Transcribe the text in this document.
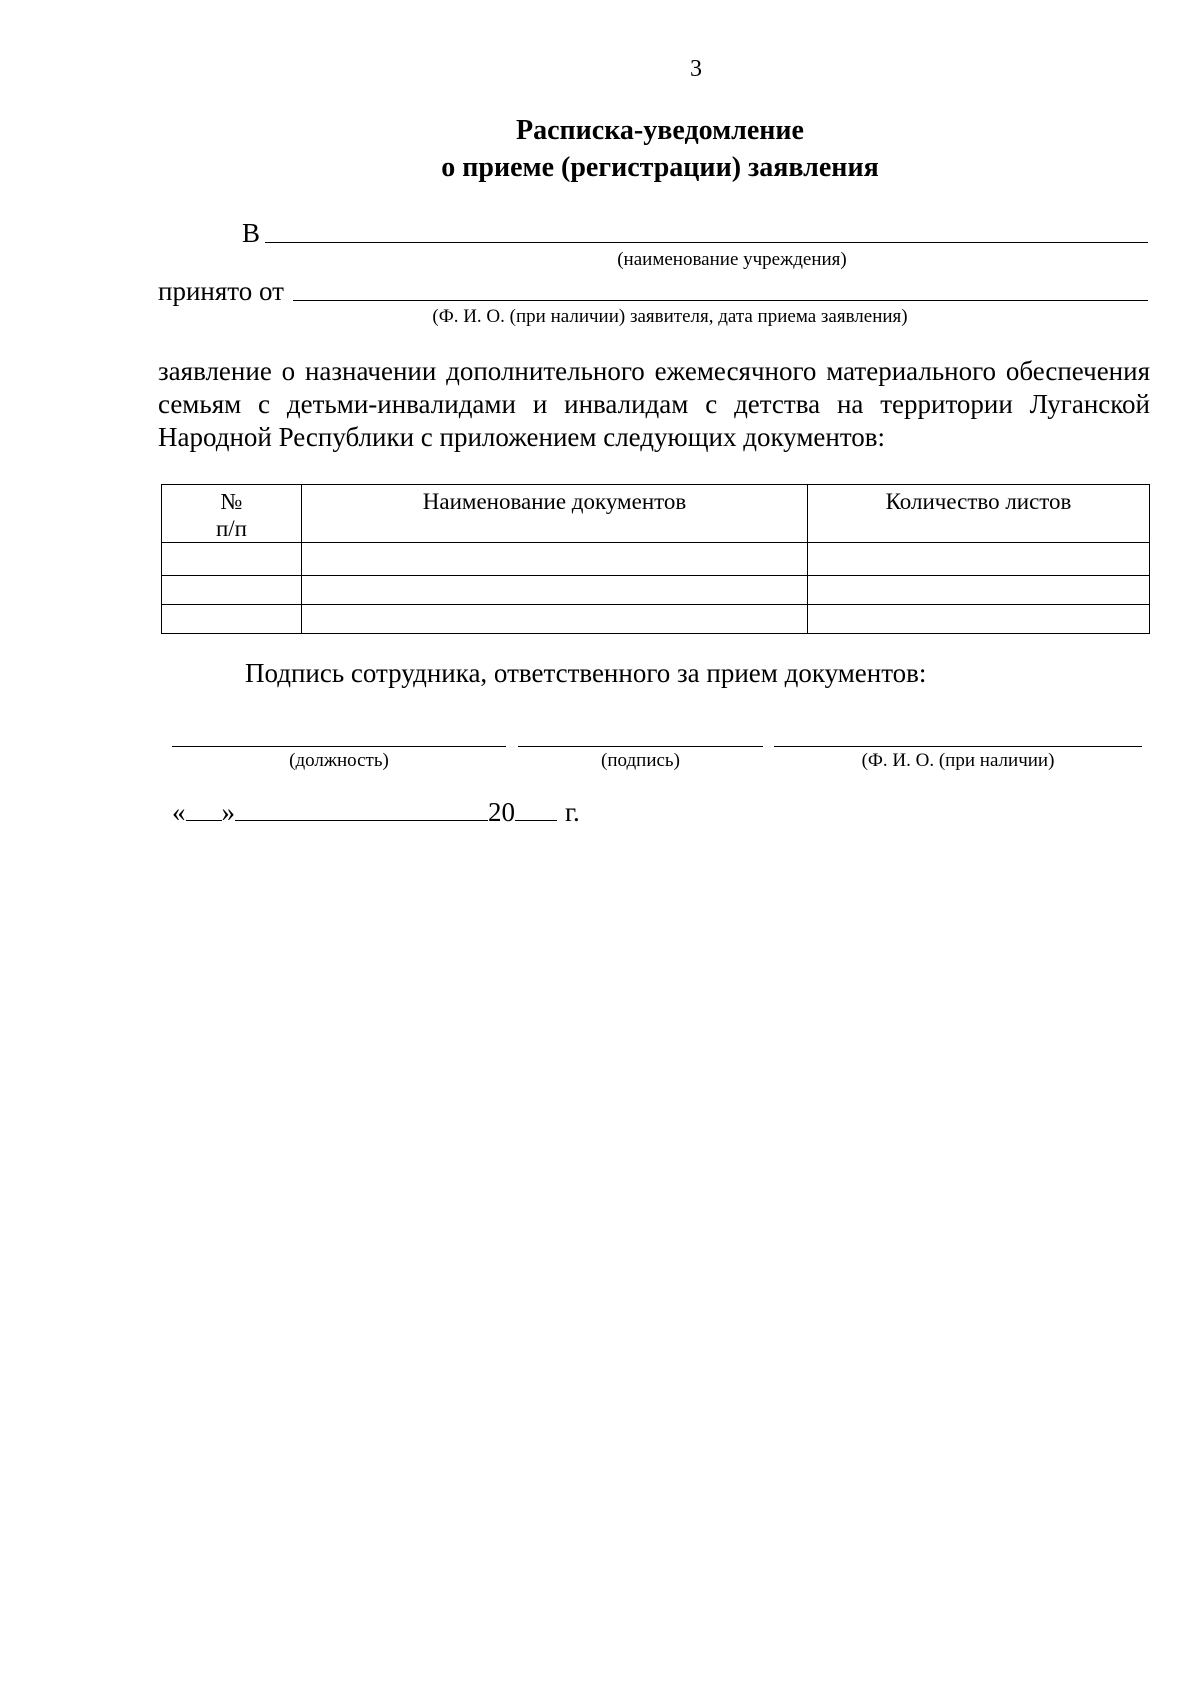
3
Расписка-уведомление
о приеме (регистрации) заявления
В
(наименование учреждения)
принято от
(Ф. И. О. (при наличии) заявителя, дата приема заявления)
заявление о назначении дополнительного ежемесячного материального обеспечения семьям с детьми-инвалидами и инвалидам с детства на территории Луганской Народной Республики с приложением следующих документов:
№
п/п	Наименование документов	Количество листов

Подпись сотрудника, ответственного за прием документов:
(должность)	(подпись)	(Ф. И. О. (при наличии)
« »	20 г.
